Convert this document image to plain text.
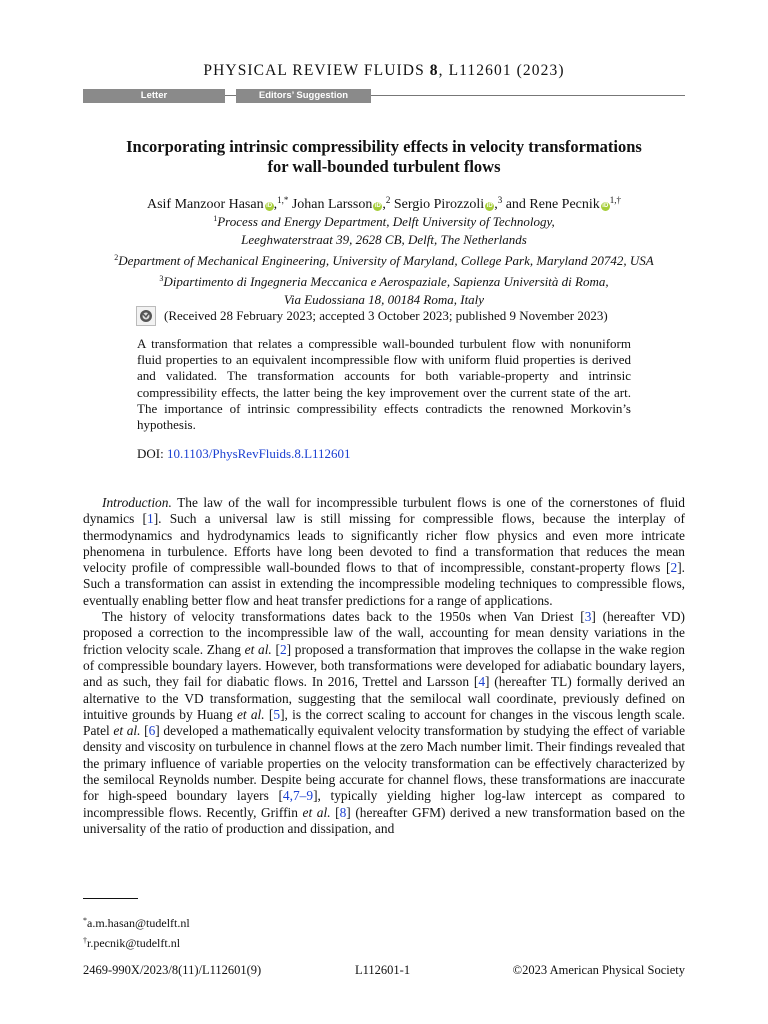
PHYSICAL REVIEW FLUIDS 8, L112601 (2023)
Letter	Editors’ Suggestion
Incorporating intrinsic compressibility effects in velocity transformations
for wall-bounded turbulent flows
Asif Manzoor Hasan iD ,$^{1,*}$ Johan Larsson iD ,$^2$ Sergio Pirozzoli iD ,$^3$ and Rene Pecnik $iD^{1,\dagger}$
$^1$Process and Energy Department, Delft University of Technology,
Leeghwaterstraat 39, 2628 CB, Delft, The Netherlands
$^2$Department of Mechanical Engineering, University of Maryland, College Park, Maryland 20742, USA
$^3$Dipartimento di Ingegneria Meccanica e Aerospaziale, Sapienza Università di Roma,
Via Eudossiana 18, 00184 Roma, Italy
(Received 28 February 2023; accepted 3 October 2023; published 9 November 2023)
A transformation that relates a compressible wall-bounded turbulent flow with nonuniform fluid properties to an equivalent incompressible flow with uniform fluid properties is derived and validated. The transformation accounts for both variable-property and intrinsic compressibility effects, the latter being the key improvement over the current state of the art. The importance of intrinsic compressibility effects contradicts the renowned Morkovin’s hypothesis.
DOI: 10.1103/PhysRevFluids.8.L112601

Introduction. The law of the wall for incompressible turbulent flows is one of the cornerstones of fluid dynamics [1]. Such a universal law is still missing for compressible flows, because the interplay of thermodynamics and hydrodynamics leads to significantly richer flow physics and even more intricate phenomena in turbulence. Efforts have long been devoted to find a transformation that reduces the mean velocity profile of compressible wall-bounded flows to that of incompressible, constant-property flows [2]. Such a transformation can assist in extending the incompressible modeling techniques to compressible flows, eventually enabling better flow and heat transfer predictions for a range of applications.

The history of velocity transformations dates back to the 1950s when Van Driest [3] (hereafter VD) proposed a correction to the incompressible law of the wall, accounting for mean density variations in the friction velocity scale. Zhang et al. [2] proposed a transformation that improves the collapse in the wake region of compressible boundary layers. However, both transformations were developed for adiabatic boundary layers, and as such, they fail for diabatic flows. In 2016, Trettel and Larsson [4] (hereafter TL) formally derived an alternative to the VD transformation, suggesting that the semilocal wall coordinate, previously defined on intuitive grounds by Huang et al. [5], is the correct scaling to account for changes in the viscous length scale. Patel et al. [6] developed a mathematically equivalent velocity transformation by studying the effect of variable density and viscosity on turbulence in channel flows at the zero Mach number limit. Their findings revealed that the primary influence of variable properties on the velocity transformation can be effectively characterized by the semilocal Reynolds number. Despite being accurate for channel flows, these transformations are inaccurate for high-speed boundary layers [4,7–9], typically yielding higher log-law intercept as compared to incompressible flows. Recently, Griffin et al. [8] (hereafter GFM) derived a new transformation based on the universality of the ratio of production and dissipation, and

*a.m.hasan@tudelft.nl
†r.pecnik@tudelft.nl
2469-990X/2023/8(11)/L112601(9)	L112601-1	©2023 American Physical Society
